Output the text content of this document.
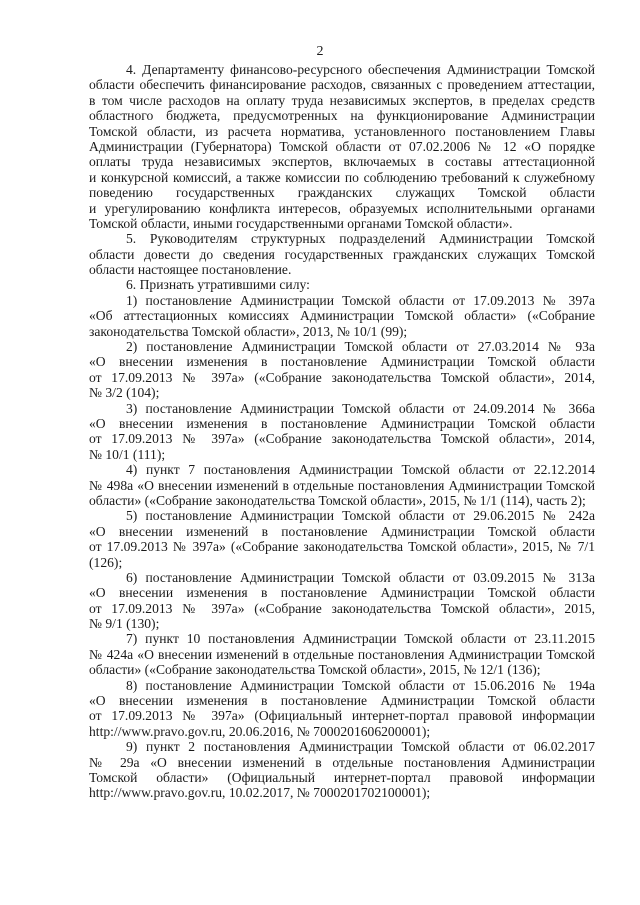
2
4. Департаменту финансово-ресурсного обеспечения Администрации Томской
области обеспечить финансирование расходов, связанных с проведением аттестации,
в том числе расходов на оплату труда независимых экспертов, в пределах средств
областного бюджета, предусмотренных на функционирование Администрации
Томской области, из расчета норматива, установленного постановлением Главы
Администрации (Губернатора) Томской области от 07.02.2006 № 12 «О порядке
оплаты труда независимых экспертов, включаемых в составы аттестационной
и конкурсной комиссий, а также комиссии по соблюдению требований к служебному
поведению государственных гражданских служащих Томской области
и урегулированию конфликта интересов, образуемых исполнительными органами
Томской области, иными государственными органами Томской области».
5. Руководителям структурных подразделений Администрации Томской
области довести до сведения государственных гражданских служащих Томской
области настоящее постановление.
6. Признать утратившими силу:
1) постановление Администрации Томской области от 17.09.2013 № 397а
«Об аттестационных комиссиях Администрации Томской области» («Собрание
законодательства Томской области», 2013, № 10/1 (99);
2) постановление Администрации Томской области от 27.03.2014 № 93а
«О внесении изменения в постановление Администрации Томской области
от 17.09.2013 № 397а» («Собрание законодательства Томской области», 2014,
№ 3/2 (104);
3) постановление Администрации Томской области от 24.09.2014 № 366а
«О внесении изменения в постановление Администрации Томской области
от 17.09.2013 № 397а» («Собрание законодательства Томской области», 2014,
№ 10/1 (111);
4) пункт 7 постановления Администрации Томской области от 22.12.2014
№ 498а «О внесении изменений в отдельные постановления Администрации Томской
области» («Собрание законодательства Томской области», 2015, № 1/1 (114), часть 2);
5) постановление Администрации Томской области от 29.06.2015 № 242а
«О внесении изменений в постановление Администрации Томской области
от 17.09.2013 № 397а» («Собрание законодательства Томской области», 2015, № 7/1
(126);
6) постановление Администрации Томской области от 03.09.2015 № 313а
«О внесении изменения в постановление Администрации Томской области
от 17.09.2013 № 397а» («Собрание законодательства Томской области», 2015,
№ 9/1 (130);
7) пункт 10 постановления Администрации Томской области от 23.11.2015
№ 424а «О внесении изменений в отдельные постановления Администрации Томской
области» («Собрание законодательства Томской области», 2015, № 12/1 (136);
8) постановление Администрации Томской области от 15.06.2016 № 194а
«О внесении изменения в постановление Администрации Томской области
от 17.09.2013 № 397а» (Официальный интернет-портал правовой информации
http://www.pravo.gov.ru, 20.06.2016, № 7000201606200001);
9) пункт 2 постановления Администрации Томской области от 06.02.2017
№ 29а «О внесении изменений в отдельные постановления Администрации
Томской области» (Официальный интернет-портал правовой информации
http://www.pravo.gov.ru, 10.02.2017, № 7000201702100001);
